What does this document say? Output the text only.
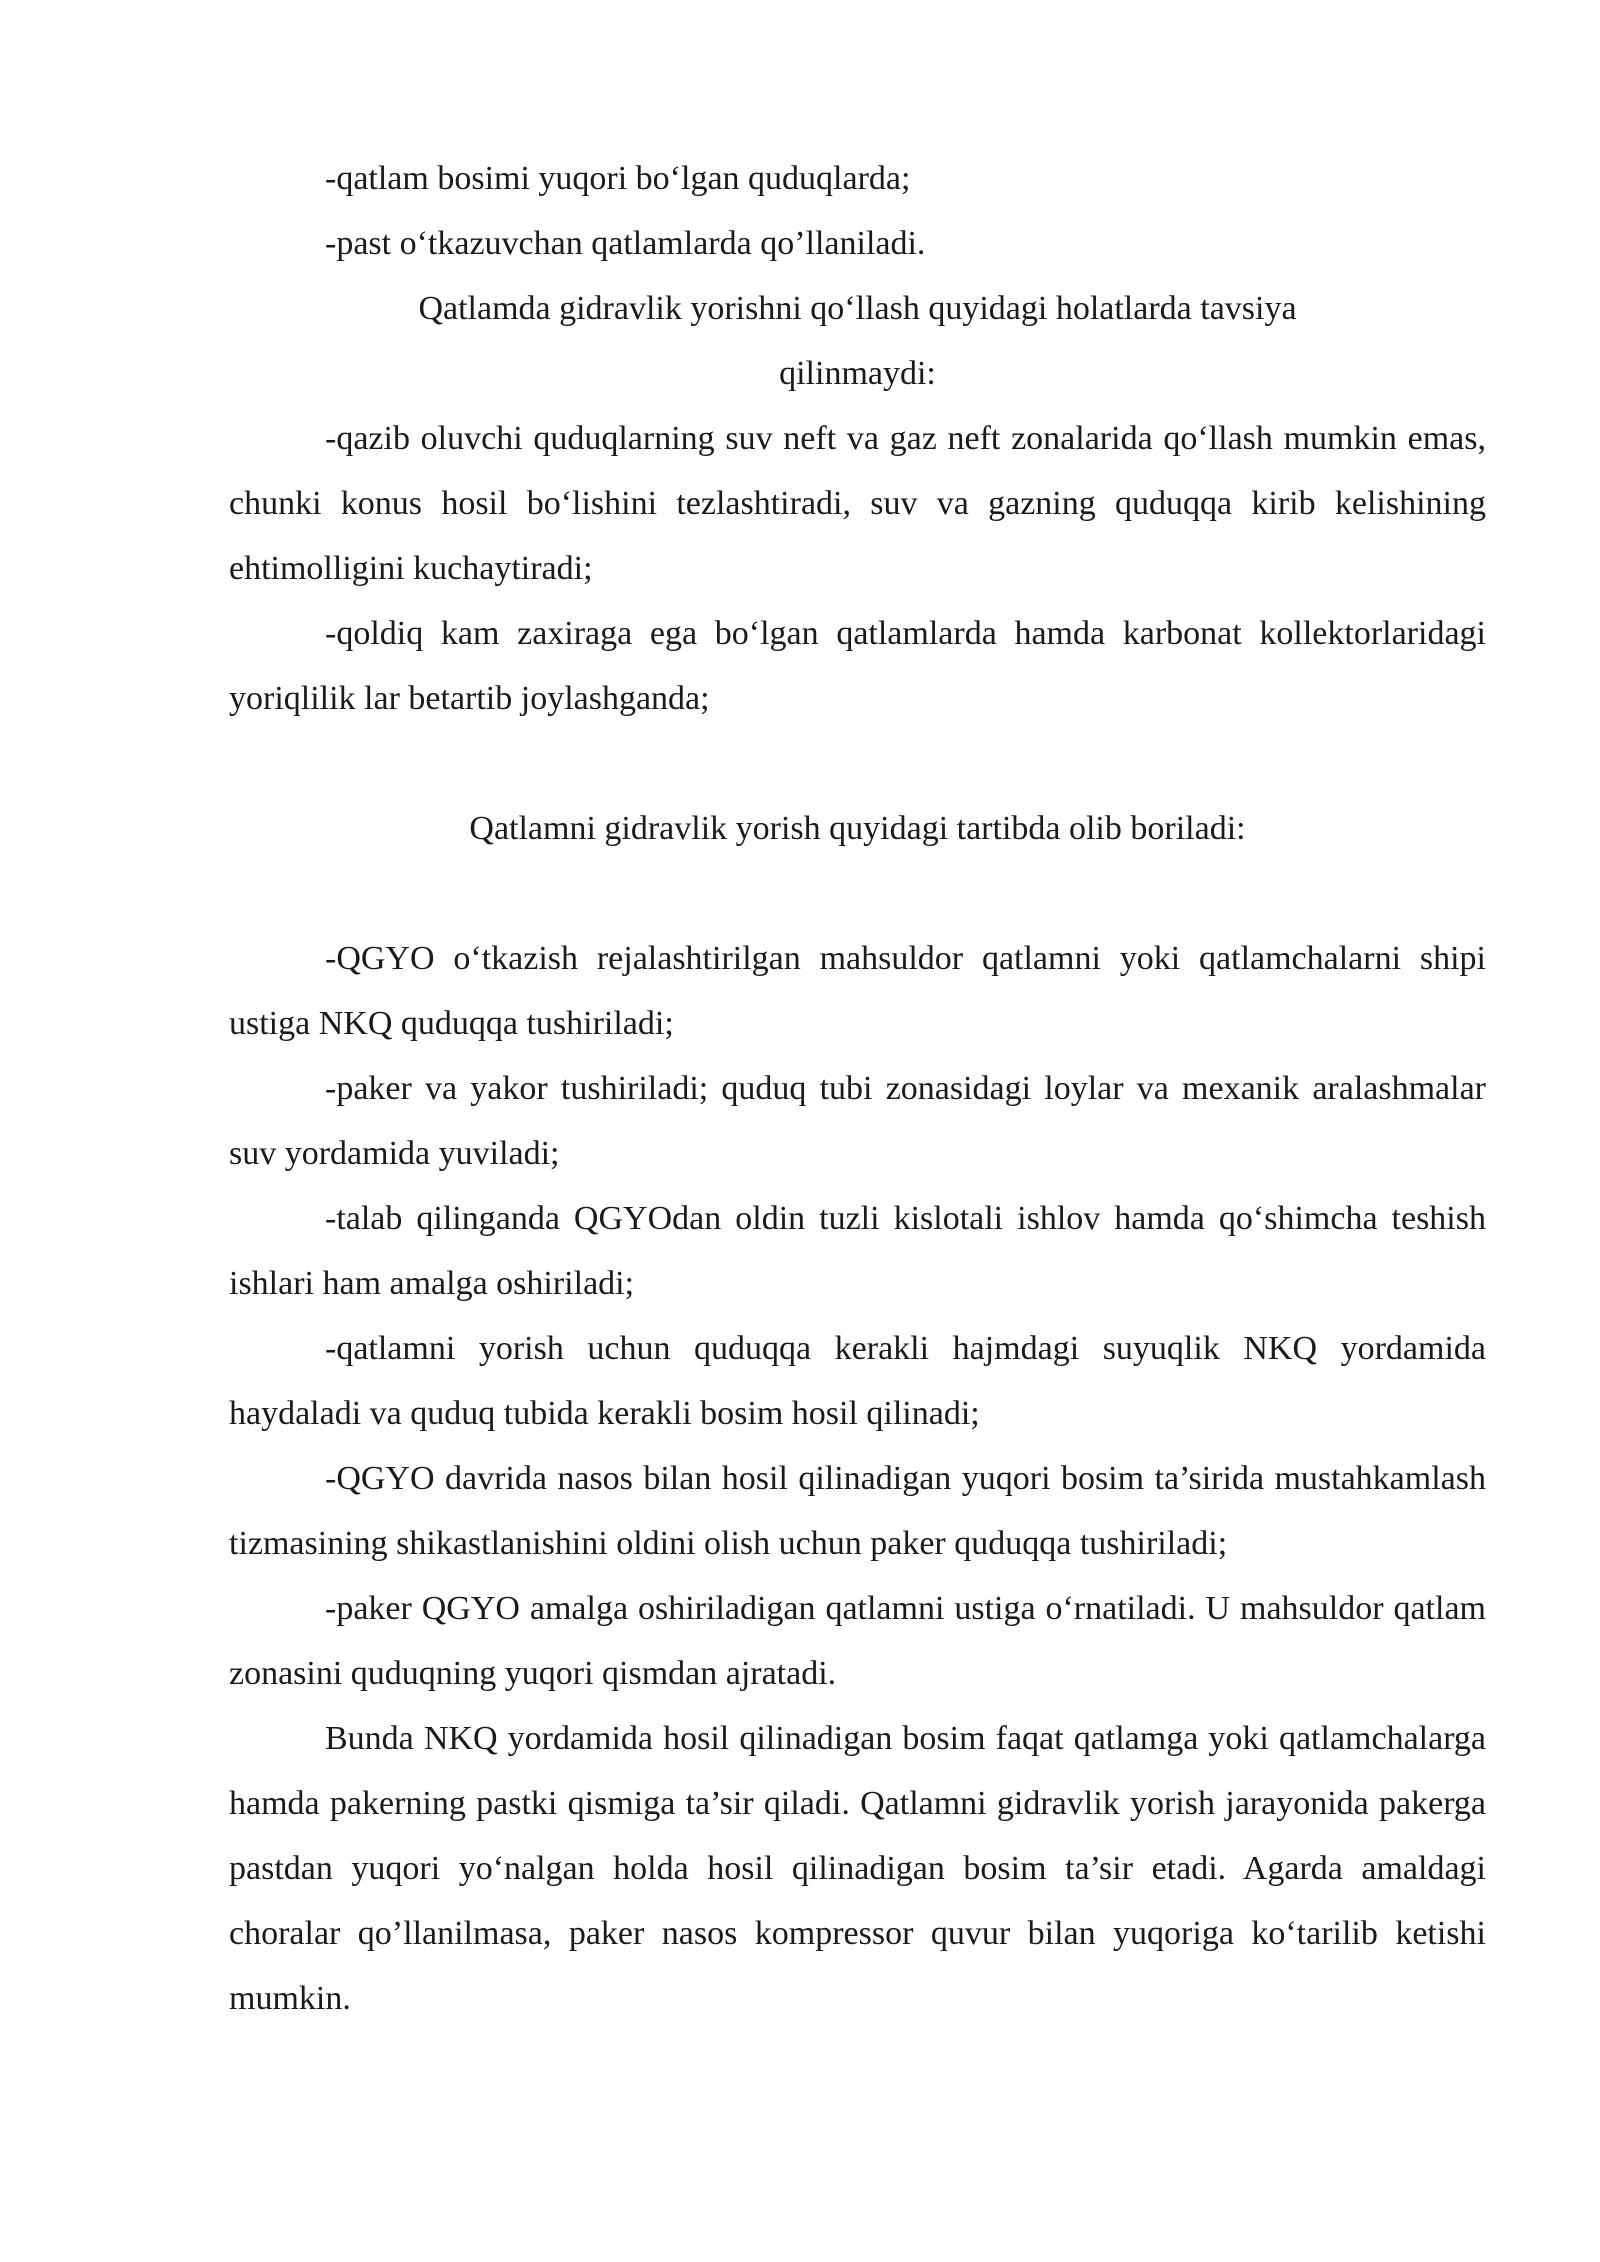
-qatlam bosimi yuqori bo‘lgan quduqlarda;

-past o‘tkazuvchan qatlamlarda qo’llaniladi.

Qatlamda gidravlik yorishni qo‘llash quyidagi holatlarda tavsiya
qilinmaydi:

-qazib oluvchi quduqlarning suv neft va gaz neft zonalarida qo‘llash mumkin emas, chunki konus hosil bo‘lishini tezlashtiradi, suv va gazning quduqqa kirib kelishining ehtimolligini kuchaytiradi;

-qoldiq kam zaxiraga ega bo‘lgan qatlamlarda hamda karbonat kollektorlaridagi yoriqlilik lar betartib joylashganda;

Qatlamni gidravlik yorish quyidagi tartibda olib boriladi:

-QGYO o‘tkazish rejalashtirilgan mahsuldor qatlamni yoki qatlamchalarni shipi ustiga NKQ quduqqa tushiriladi;

-paker va yakor tushiriladi; quduq tubi zonasidagi loylar va mexanik aralashmalar suv yordamida yuviladi;

-talab qilinganda QGYOdan oldin tuzli kislotali ishlov hamda qo‘shimcha teshish ishlari ham amalga oshiriladi;

-qatlamni yorish uchun quduqqa kerakli hajmdagi suyuqlik NKQ yordamida haydaladi va quduq tubida kerakli bosim hosil qilinadi;

-QGYO davrida nasos bilan hosil qilinadigan yuqori bosim ta’sirida mustahkamlash tizmasining shikastlanishini oldini olish uchun paker quduqqa tushiriladi;

-paker QGYO amalga oshiriladigan qatlamni ustiga o‘rnatiladi. U mahsuldor qatlam zonasini quduqning yuqori qismdan ajratadi.

Bunda NKQ yordamida hosil qilinadigan bosim faqat qatlamga yoki qatlamchalarga hamda pakerning pastki qismiga ta’sir qiladi. Qatlamni gidravlik yorish jarayonida pakerga pastdan yuqori yo‘nalgan holda hosil qilinadigan bosim ta’sir etadi. Agarda amaldagi choralar qo’llanilmasa, paker nasos kompressor quvur bilan yuqoriga ko‘tarilib ketishi mumkin.
